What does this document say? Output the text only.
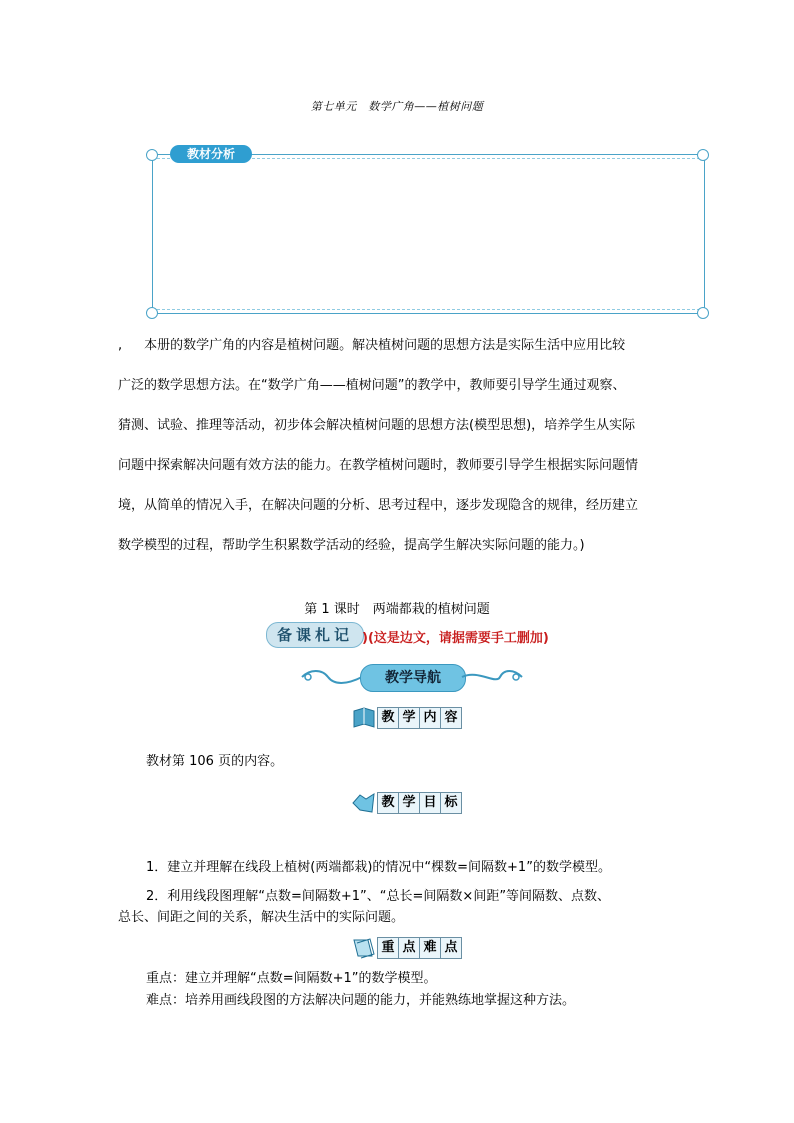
第七单元　数学广角——植树问题
教材分析

, 本册的数学广角的内容是植树问题。解决植树问题的思想方法是实际生活中应用比较

广泛的数学思想方法。在“数学广角——植树问题”的教学中，教师要引导学生通过观察、

猜测、试验、推理等活动，初步体会解决植树问题的思想方法(模型思想)，培养学生从实际

问题中探索解决问题有效方法的能力。在教学植树问题时，教师要引导学生根据实际问题情

境，从简单的情况入手，在解决问题的分析、思考过程中，逐步发现隐含的规律，经历建立

数学模型的过程，帮助学生积累数学活动的经验，提高学生解决实际问题的能力。)

第 1 课时　两端都栽的植树问题
备课札记 )(这是边文，请据需要手工删加)
教学导航
教 学 内 容
教材第 106 页的内容。
教 学 目 标
1．建立并理解在线段上植树(两端都栽)的情况中“棵数=间隔数+1”的数学模型。
2．利用线段图理解“点数=间隔数+1”、“总长=间隔数×间距”等间隔数、点数、
总长、间距之间的关系，解决生活中的实际问题。
重 点 难 点
重点：建立并理解“点数=间隔数+1”的数学模型。
难点：培养用画线段图的方法解决问题的能力，并能熟练地掌握这种方法。
